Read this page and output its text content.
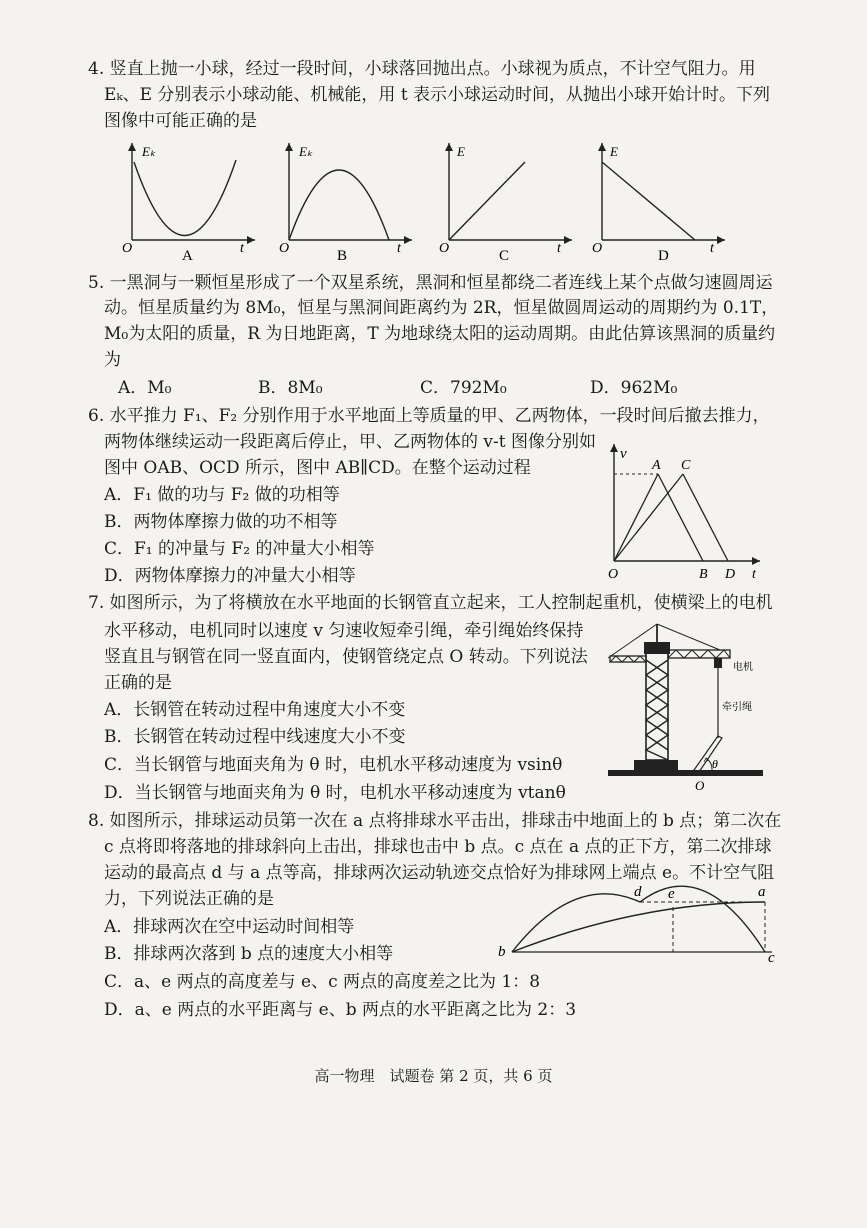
4. 竖直上抛一小球，经过一段时间，小球落回抛出点。小球视为质点，不计空气阻力。用
Eₖ、E 分别表示小球动能、机械能，用 t 表示小球运动时间，从抛出小球开始计时。下列
图像中可能正确的是
Eₖ
O	t
A
Eₖ
O	t
B
E
O	t
C
E
O	t
D
5. 一黑洞与一颗恒星形成了一个双星系统，黑洞和恒星都绕二者连线上某个点做匀速圆周运
动。恒星质量约为 8M₀，恒星与黑洞间距离约为 2R，恒星做圆周运动的周期约为 0.1T，
M₀为太阳的质量，R 为日地距离，T 为地球绕太阳的运动周期。由此估算该黑洞的质量约
为
A．M₀	B．8M₀	C．792M₀	D．962M₀
6. 水平推力 F₁、F₂ 分别作用于水平地面上等质量的甲、乙两物体，一段时间后撤去推力，
两物体继续运动一段距离后停止，甲、乙两物体的 v-t 图像分别如
图中 OAB、OCD 所示，图中 AB∥CD。在整个运动过程
A．F₁ 做的功与 F₂ 做的功相等
B．两物体摩擦力做的功不相等
C．F₁ 的冲量与 F₂ 的冲量大小相等
D．两物体摩擦力的冲量大小相等
v
O
A C
B D t
7. 如图所示，为了将横放在水平地面的长钢管直立起来，工人控制起重机，使横梁上的电机
水平移动，电机同时以速度 v 匀速收短牵引绳，牵引绳始终保持
竖直且与钢管在同一竖直面内，使钢管绕定点 O 转动。下列说法
正确的是
A．长钢管在转动过程中角速度大小不变
B．长钢管在转动过程中线速度大小不变
C．当长钢管与地面夹角为 θ 时，电机水平移动速度为 vsinθ
D．当长钢管与地面夹角为 θ 时，电机水平移动速度为 vtanθ
电机
牵引绳
θ
O
8. 如图所示，排球运动员第一次在 a 点将排球水平击出，排球击中地面上的 b 点；第二次在
c 点将即将落地的排球斜向上击出，排球也击中 b 点。c 点在 a 点的正下方，第二次排球
运动的最高点 d 与 a 点等高，排球两次运动轨迹交点恰好为排球网上端点 e。不计空气阻
力，下列说法正确的是
A．排球两次在空中运动时间相等
B．排球两次落到 b 点的速度大小相等
C．a、e 两点的高度差与 e、c 两点的高度差之比为 1：8
D．a、e 两点的水平距离与 e、b 两点的水平距离之比为 2：3
b	c
a
d e
高一物理　试题卷 第 2 页，共 6 页
